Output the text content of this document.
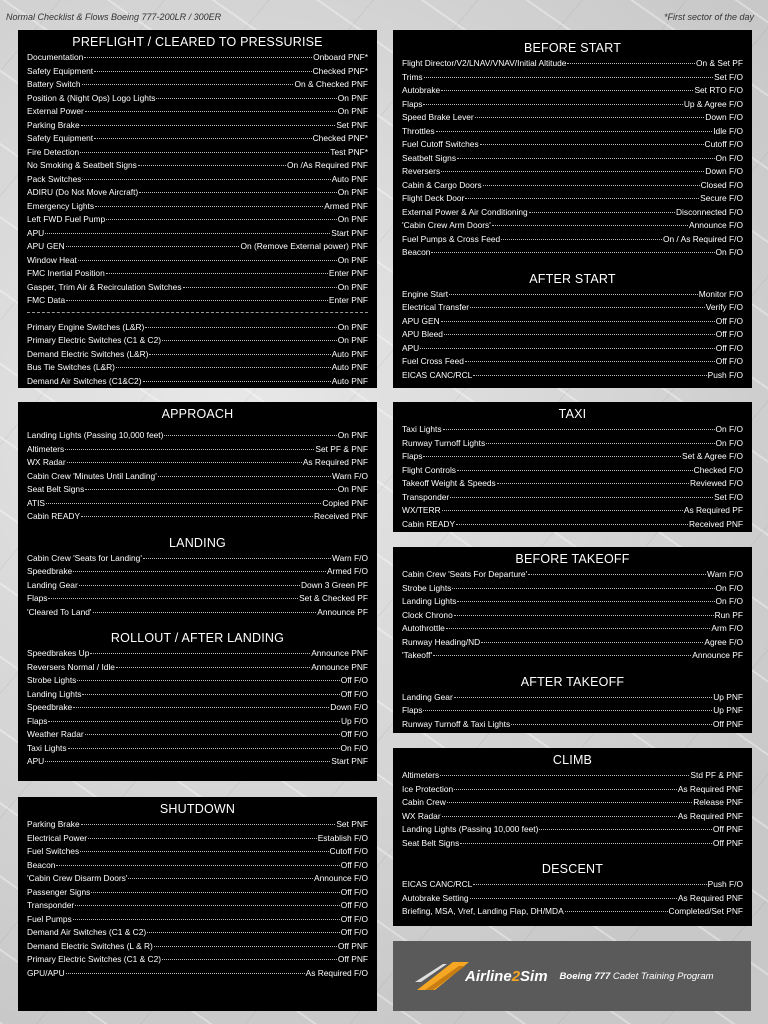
Normal Checklist & Flows Boeing 777-200LR / 300ER	*First sector of the day
PREFLIGHT / CLEARED TO PRESSURISE
Documentation	Onboard PNF*
Safety Equipment	Checked PNF*
Battery Switch	On & Checked PNF
Position & (Night Ops) Logo Lights	On PNF
External Power	On PNF
Parking Brake	Set PNF
Safety Equipment	Checked PNF*
Fire Detection	Test PNF*
No Smoking & Seatbelt Signs	On /As Required PNF
Pack Switches	Auto PNF
ADIRU (Do Not Move Aircraft)	On PNF
Emergency Lights	Armed PNF
Left FWD Fuel Pump	On PNF
APU	Start PNF
APU GEN	On (Remove External power) PNF
Window Heat	On PNF
FMC Inertial Position	Enter PNF
Gasper, Trim Air & Recirculation Switches	On PNF
FMC Data	Enter PNF
Primary Engine Switches (L&R)	On PNF
Primary Electric Switches (C1 & C2)	On PNF
Demand Electric Switches (L&R)	Auto PNF
Bus Tie Switches (L&R)	Auto PNF
Demand Air Switches (C1&C2)	Auto PNF
APPROACH
Landing Lights (Passing 10,000 feet)	On PNF
Altimeters	Set PF & PNF
WX Radar	As Required PNF
Cabin Crew 'Minutes Until Landing'	Warn F/O
Seat Belt Signs	On PNF
ATIS	Copied PNF
Cabin READY	Received PNF
LANDING
Cabin Crew 'Seats for Landing'	Warn F/O
Speedbrake	Armed F/O
Landing Gear	Down 3 Green PF
Flaps	Set & Checked PF
'Cleared To Land'	Announce PF
ROLLOUT / AFTER LANDING
Speedbrakes Up	Announce PNF
Reversers Normal / Idle	Announce PNF
Strobe Lights	Off F/O
Landing Lights	Off F/O
Speedbrake	Down F/O
Flaps	Up F/O
Weather Radar	Off F/O
Taxi Lights	On F/O
APU	Start PNF
SHUTDOWN
Parking Brake	Set PNF
Electrical Power	Establish F/O
Fuel Switches	Cutoff F/O
Beacon	Off F/O
'Cabin Crew Disarm Doors'	Announce F/O
Passenger Signs	Off F/O
Transponder	Off F/O
Fuel Pumps	Off F/O
Demand Air Switches (C1 & C2)	Off F/O
Demand Electric Switches (L & R)	Off PNF
Primary Electric Switches (C1 & C2)	Off PNF
GPU/APU	As Required F/O
BEFORE START
Flight Director/V2/LNAV/VNAV/Initial Altitude	On & Set PF
Trims	Set F/O
Autobrake	Set RTO F/O
Flaps	Up & Agree F/O
Speed Brake Lever	Down F/O
Throttles	Idle F/O
Fuel Cutoff Switches	Cutoff F/O
Seatbelt Signs	On F/O
Reversers	Down F/O
Cabin & Cargo Doors	Closed F/O
Flight Deck Door	Secure F/O
External Power & Air Conditioning	Disconnected F/O
'Cabin Crew Arm Doors'	Announce F/O
Fuel Pumps & Cross Feed	On / As Required F/O
Beacon	On F/O
AFTER START
Engine Start	Monitor F/O
Electrical Transfer	Verify F/O
APU GEN	Off F/O
APU Bleed	Off F/O
APU	Off F/O
Fuel Cross Feed	Off F/O
EICAS CANC/RCL	Push F/O
TAXI
Taxi Lights	On F/O
Runway Turnoff Lights	On F/O
Flaps	Set & Agree F/O
Flight Controls	Checked F/O
Takeoff Weight & Speeds	Reviewed F/O
Transponder	Set F/O
WX/TERR	As Required PF
Cabin READY	Received PNF
BEFORE TAKEOFF
Cabin Crew 'Seats For Departure'	Warn F/O
Strobe Lights	On F/O
Landing Lights	On F/O
Clock Chrono	Run PF
Autothrottle	Arm F/O
Runway Heading/ND	Agree F/O
'Takeoff'	Announce PF
AFTER TAKEOFF
Landing Gear	Up PNF
Flaps	Up PNF
Runway Turnoff & Taxi Lights	Off PNF
CLIMB
Altimeters	Std PF & PNF
Ice Protection	As Required PNF
Cabin Crew	Release PNF
WX Radar	As Required PNF
Landing Lights (Passing 10,000 feet)	Off PNF
Seat Belt Signs	Off PNF
DESCENT
EICAS CANC/RCL	Push F/O
Autobrake Setting	As Required PNF
Briefing, MSA, Vref, Landing Flap, DH/MDA	Completed/Set PNF
Airline2Sim Boeing 777 Cadet Training Program
